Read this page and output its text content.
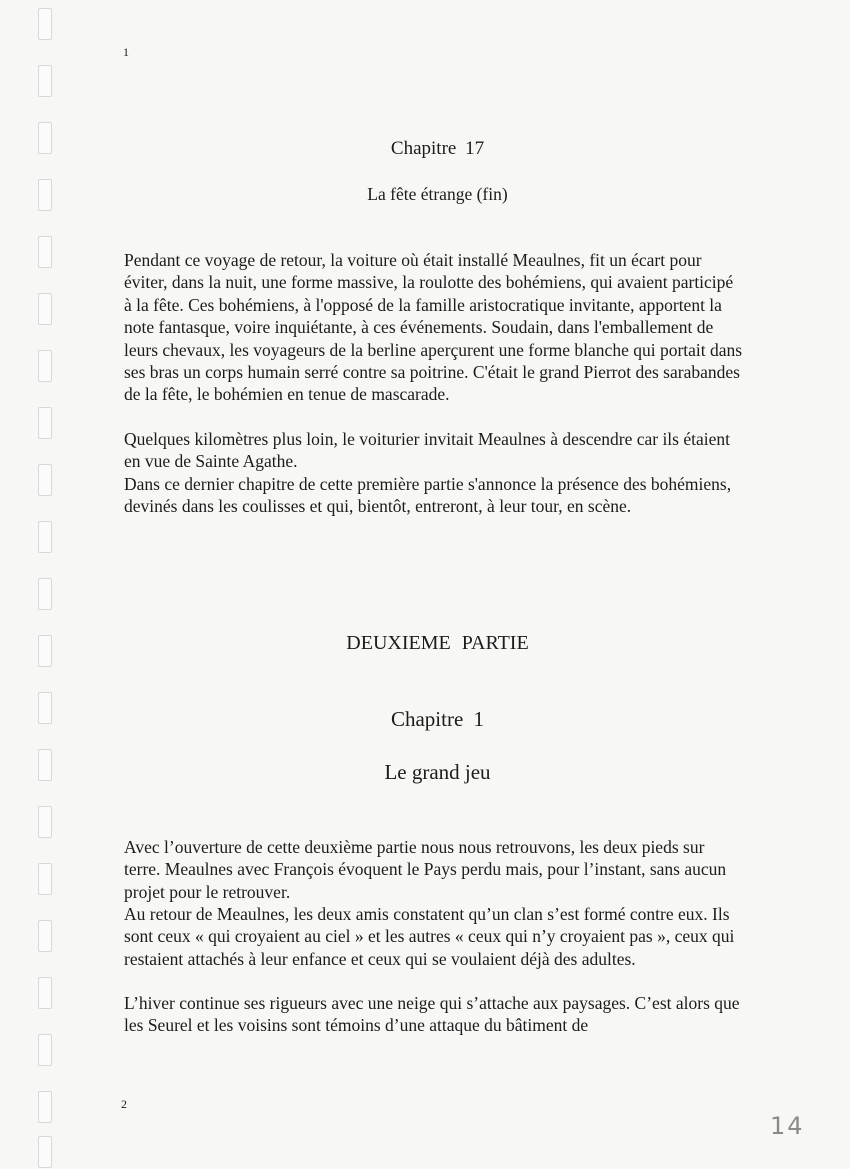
1
Chapitre 17
La fête étrange (fin)

Pendant ce voyage de retour, la voiture où était installé Meaulnes, fit un écart pour éviter, dans la nuit, une forme massive, la roulotte des bohémiens, qui avaient participé à la fête. Ces bohémiens, à l'opposé de la famille aristocratique invitante, apportent la note fantasque, voire inquiétante, à ces événements. Soudain, dans l'emballement de leurs chevaux, les voyageurs de la berline aperçurent une forme blanche qui portait dans ses bras un corps humain serré contre sa poitrine. C'était le grand Pierrot des sarabandes de la fête, le bohémien en tenue de mascarade.

Quelques kilomètres plus loin, le voiturier invitait Meaulnes à descendre car ils étaient en vue de Sainte Agathe.

Dans ce dernier chapitre de cette première partie s'annonce la présence des bohémiens, devinés dans les coulisses et qui, bientôt, entreront, à leur tour, en scène.

DEUXIEME PARTIE
Chapitre 1
Le grand jeu

Avec l’ouverture de cette deuxième partie nous nous retrouvons, les deux pieds sur terre. Meaulnes avec François évoquent le Pays perdu mais, pour l’instant, sans aucun projet pour le retrouver.

Au retour de Meaulnes, les deux amis constatent qu’un clan s’est formé contre eux. Ils sont ceux « qui croyaient au ciel » et les autres « ceux qui n’y croyaient pas », ceux qui restaient attachés à leur enfance et ceux qui se voulaient déjà des adultes.

L’hiver continue ses rigueurs avec une neige qui s’attache aux paysages. C’est alors que les Seurel et les voisins sont témoins d’une attaque du bâtiment de

2
14
